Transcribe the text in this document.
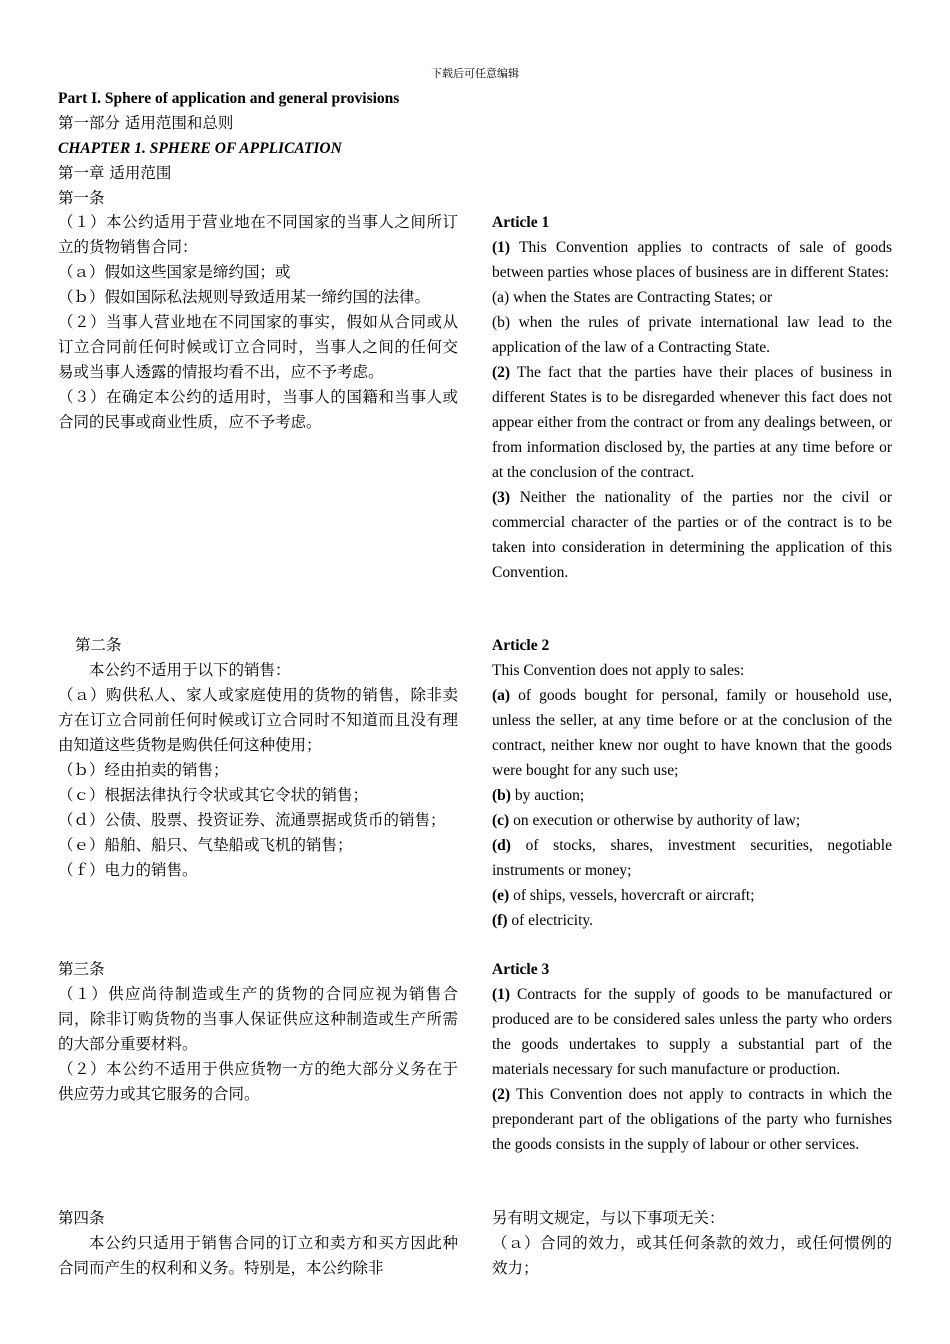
下载后可任意编辑
Part I. Sphere of application and general provisions
第一部分 适用范围和总则
CHAPTER 1. SPHERE OF APPLICATION
第一章 适用范围
第一条

（１）本公约适用于营业地在不同国家的当事人之间所订立的货物销售合同：

（ａ）假如这些国家是缔约国；或

（ｂ）假如国际私法规则导致适用某一缔约国的法律。

（２）当事人营业地在不同国家的事实，假如从合同或从订立合同前任何时候或订立合同时，当事人之间的任何交易或当事人透露的情报均看不出，应不予考虑。

（３）在确定本公约的适用时，当事人的国籍和当事人或合同的民事或商业性质，应不予考虑。

Article 1

(1) This Convention applies to contracts of sale of goods between parties whose places of business are in different States:

(a) when the States are Contracting States; or

(b) when the rules of private international law lead to the application of the law of a Contracting State.

(2) The fact that the parties have their places of business in different States is to be disregarded whenever this fact does not appear either from the contract or from any dealings between, or from information disclosed by, the parties at any time before or at the conclusion of the contract.

(3) Neither the nationality of the parties nor the civil or commercial character of the parties or of the contract is to be taken into consideration in determining the application of this Convention.

第二条

本公约不适用于以下的销售：

（ａ）购供私人、家人或家庭使用的货物的销售，除非卖方在订立合同前任何时候或订立合同时不知道而且没有理由知道这些货物是购供任何这种使用；

（ｂ）经由拍卖的销售；

（ｃ）根据法律执行令状或其它令状的销售；

（ｄ）公债、股票、投资证券、流通票据或货币的销售；

（ｅ）船舶、船只、气垫船或飞机的销售；

（ｆ）电力的销售。

Article 2

This Convention does not apply to sales:

(a) of goods bought for personal, family or household use, unless the seller, at any time before or at the conclusion of the contract, neither knew nor ought to have known that the goods were bought for any such use;

(b) by auction;

(c) on execution or otherwise by authority of law;

(d) of stocks, shares, investment securities, negotiable instruments or money;

(e) of ships, vessels, hovercraft or aircraft;

(f) of electricity.

第三条

（１）供应尚待制造或生产的货物的合同应视为销售合同，除非订购货物的当事人保证供应这种制造或生产所需的大部分重要材料。

（２）本公约不适用于供应货物一方的绝大部分义务在于供应劳力或其它服务的合同。

Article 3

(1) Contracts for the supply of goods to be manufactured or produced are to be considered sales unless the party who orders the goods undertakes to supply a substantial part of the materials necessary for such manufacture or production.

(2) This Convention does not apply to contracts in which the preponderant part of the obligations of the party who furnishes the goods consists in the supply of labour or other services.

第四条

本公约只适用于销售合同的订立和卖方和买方因此种合同而产生的权利和义务。特别是，本公约除非

另有明文规定，与以下事项无关：

（ａ）合同的效力，或其任何条款的效力，或任何惯例的效力；
